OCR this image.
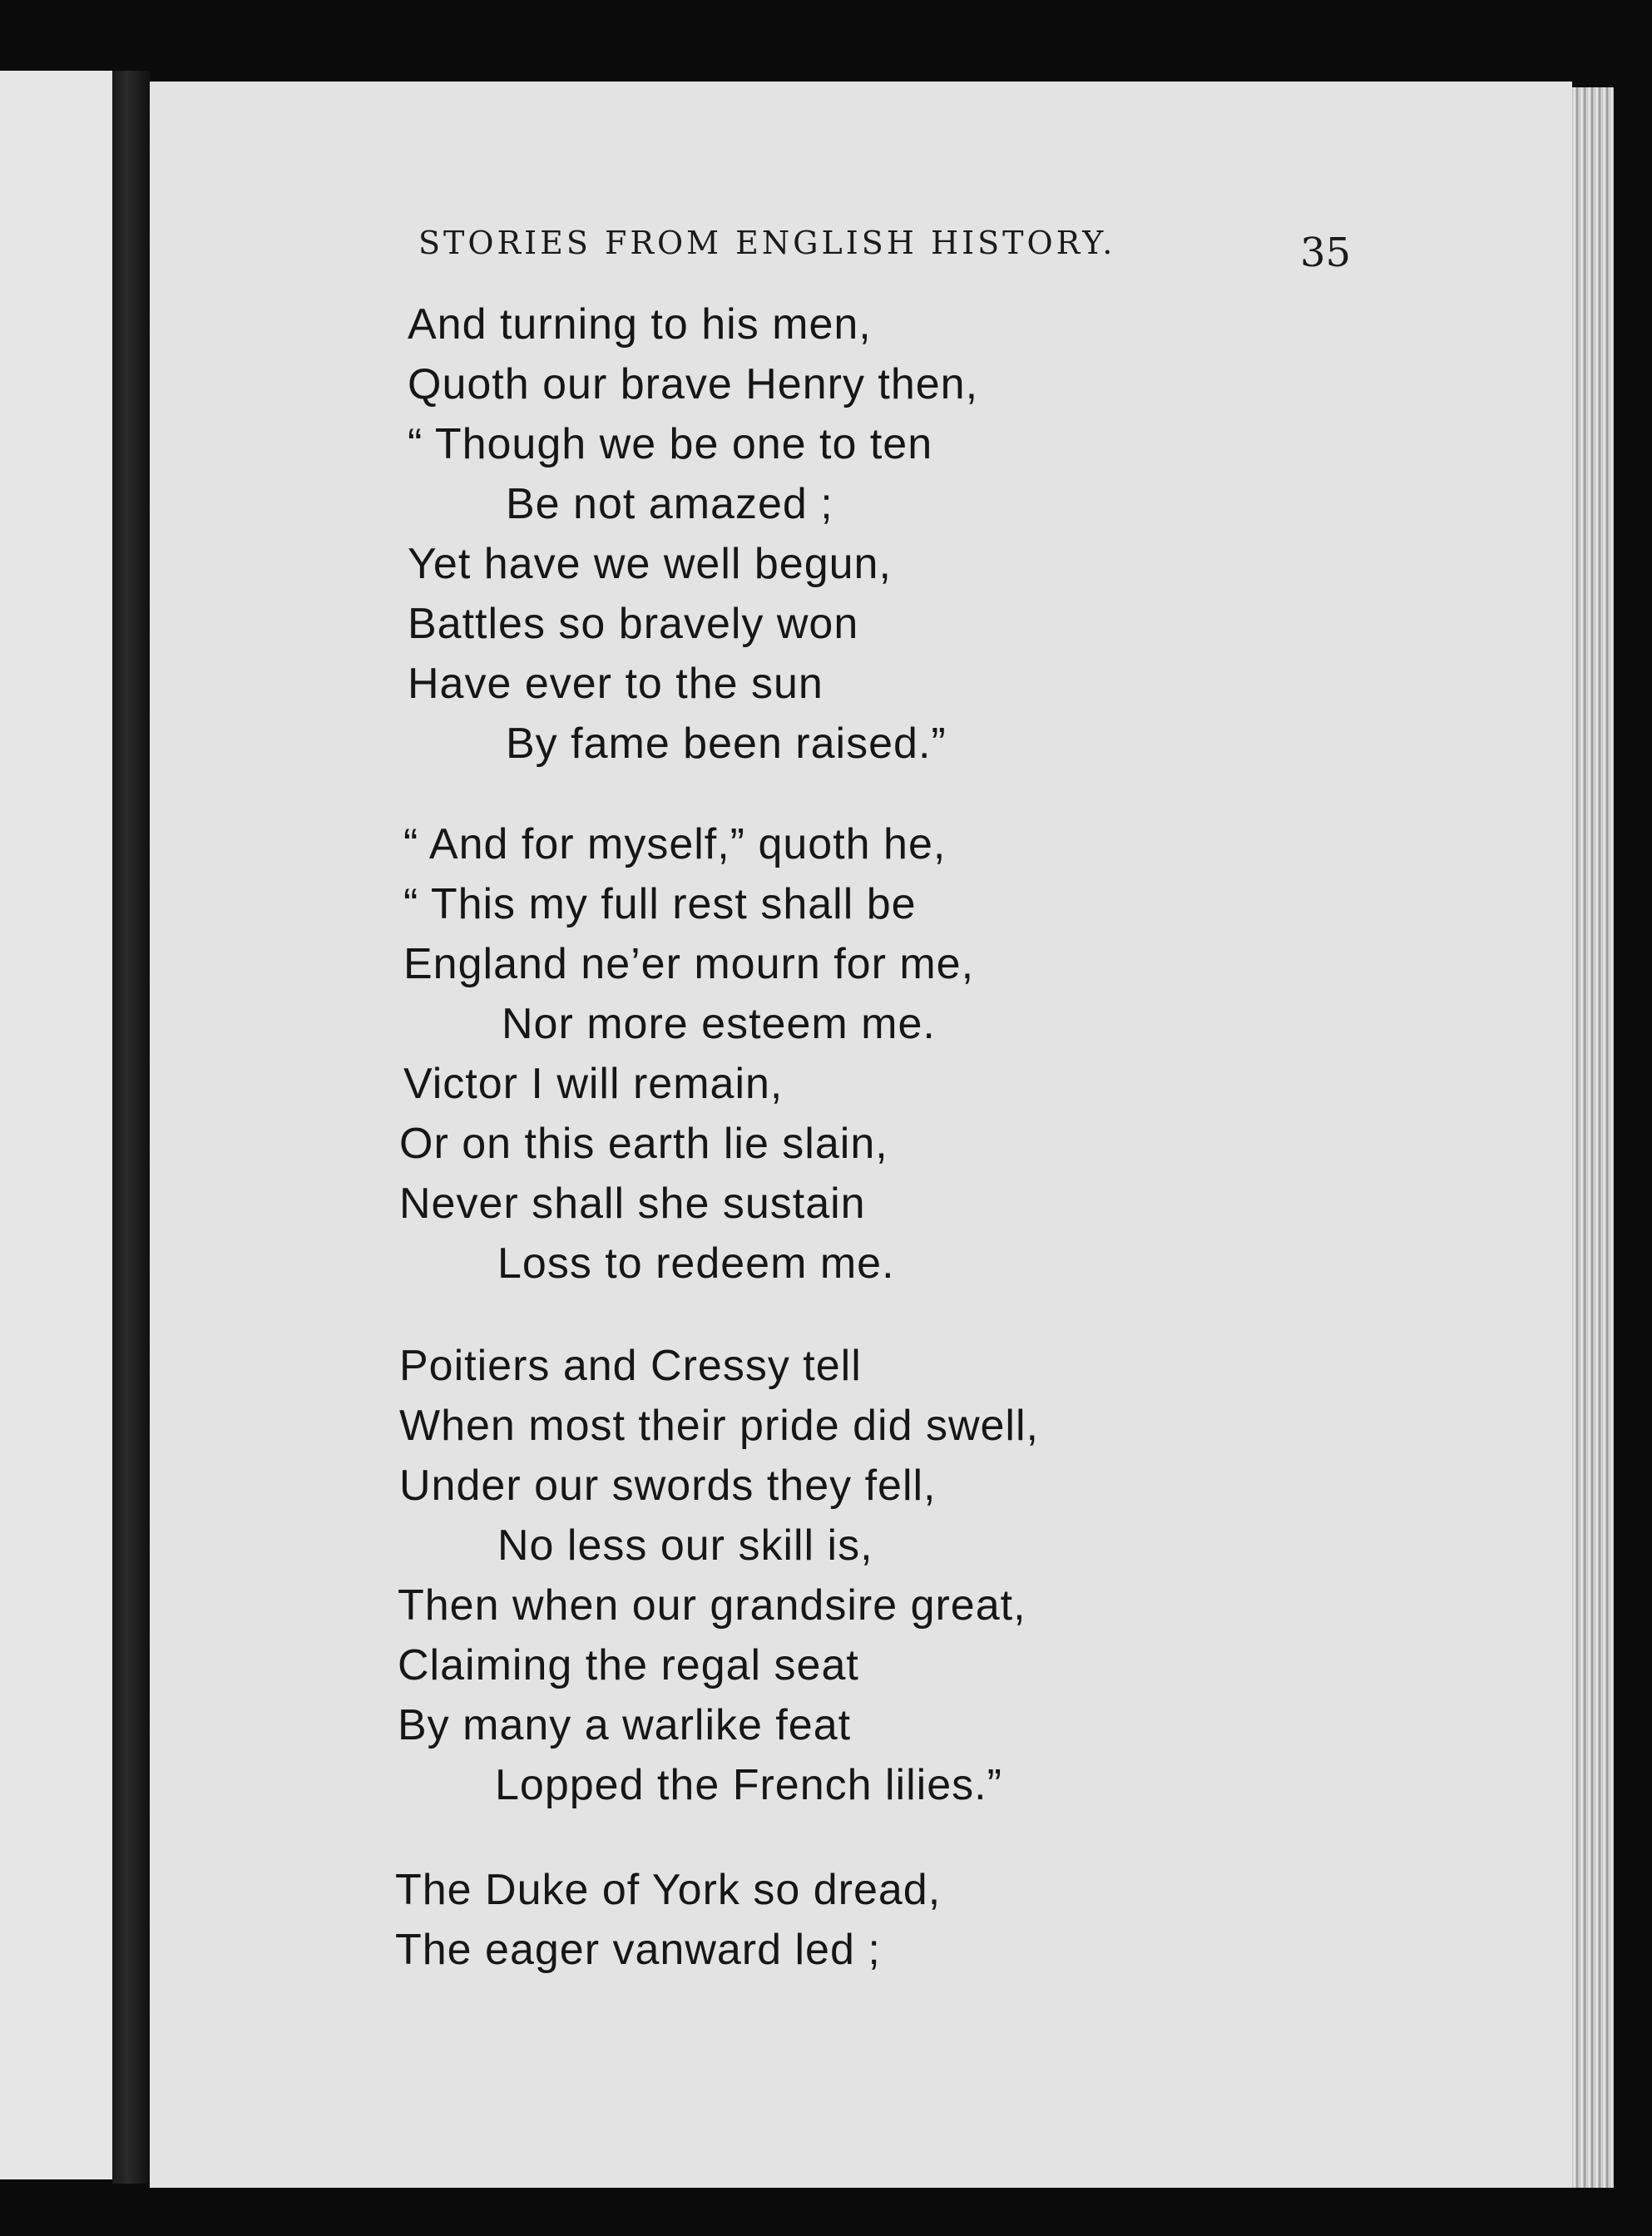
STORIES FROM ENGLISH HISTORY.	35
And turning to his men,
Quoth our brave Henry then,
“ Though we be one to ten
Be not amazed ;
Yet have we well begun,
Battles so bravely won
Have ever to the sun
By fame been raised.”
“ And for myself,” quoth he,
“ This my full rest shall be
England ne’er mourn for me,
Nor more esteem me.
Victor I will remain,
Or on this earth lie slain,
Never shall she sustain
Loss to redeem me.
Poitiers and Cressy tell
When most their pride did swell,
Under our swords they fell,
No less our skill is,
Then when our grandsire great,
Claiming the regal seat
By many a warlike feat
Lopped the French lilies.”
The Duke of York so dread,
The eager vanward led ;
